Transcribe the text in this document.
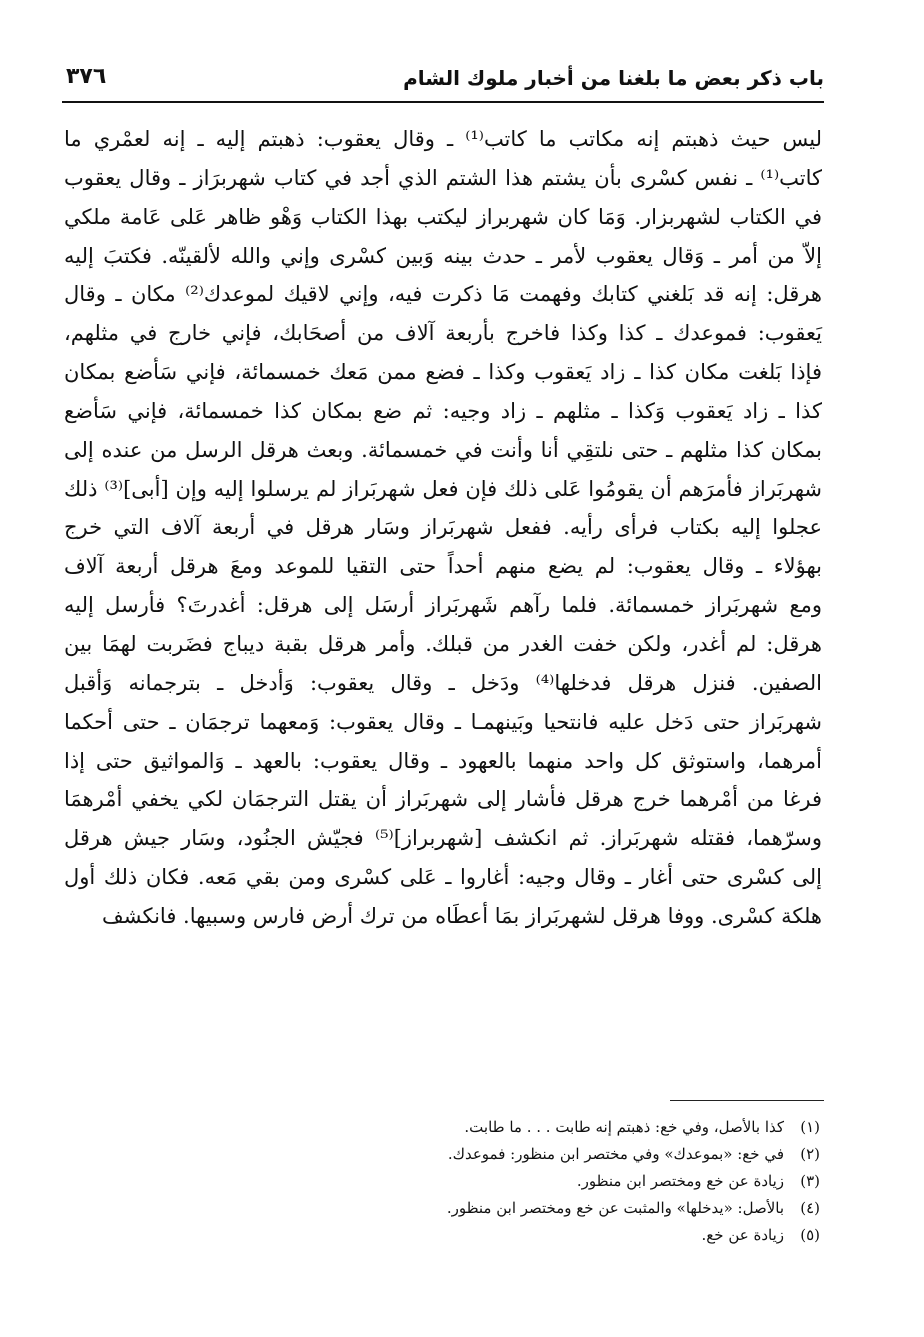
باب ذكر بعض ما بلغنا من أخبار ملوك الشام
٣٧٦
ليس حيث ذهبتم إنه مكاتب ما كاتب⁽¹⁾ ـ وقال يعقوب: ذهبتم إليه ـ إنه لعمْري ما
كاتب⁽¹⁾ ـ نفس كسْرى بأن يشتم هذا الشتم الذي أجد في كتاب شهربرَاز ـ وقال يعقوب
في الكتاب لشهربزار. وَمَا كان شهربراز ليكتب بهذا الكتاب وَهْو ظاهر عَلى عَامة ملكي
إلاّ من أمر ـ وَقال يعقوب لأمر ـ حدث بينه وَبين كسْرى وإني والله لألقينّه. فكتبَ إليه
هرقل: إنه قد بَلغني كتابك وفهمت مَا ذكرت فيه، وإني لاقيك لموعدك⁽²⁾ مكان ـ وقال
يَعقوب: فموعدك ـ كذا وكذا فاخرج بأربعة آلاف من أصحَابك، فإني خارج في مثلهم،
فإذا بَلغت مكان كذا ـ زاد يَعقوب وكذا ـ فضع ممن مَعك خمسمائة، فإني سَأضع بمكان
كذا ـ زاد يَعقوب وَكذا ـ مثلهم ـ زاد وجيه: ثم ضع بمكان كذا خمسمائة، فإني سَأضع
بمكان كذا مثلهم ـ حتى نلتقِي أنا وأنت في خمسمائة. وبعث هرقل الرسل من عنده إلى
شهربَراز فأمرَهم أن يقومُوا عَلى ذلك فإن فعل شهربَراز لم يرسلوا إليه وإن [أبى]⁽³⁾ ذلك
عجلوا إليه بكتاب فرأى رأيه. ففعل شهربَراز وسَار هرقل في أربعة آلاف التي خرج
بهؤلاء ـ وقال يعقوب: لم يضع منهم أحداً حتى التقيا للموعد ومعَ هرقل أربعة آلاف
ومع شهربَراز خمسمائة. فلما رآهم شَهربَراز أرسَل إلى هرقل: أغدرتَ؟ فأرسل إليه
هرقل: لم أغدر، ولكن خفت الغدر من قبلك. وأمر هرقل بقبة ديباج فضَربت لهمَا بين
الصفين. فنزل هرقل فدخلها⁽⁴⁾ ودَخل ـ وقال يعقوب: وَأدخل ـ بترجمانه وَأقبل
شهربَراز حتى دَخل عليه فانتحيا وبَينهمـا ـ وقال يعقوب: وَمعهما ترجمَان ـ حتى أحكما
أمرهما، واستوثق كل واحد منهما بالعهود ـ وقال يعقوب: بالعهد ـ وَالمواثيق حتى إذا
فرغا من أمْرهما خرج هرقل فأشار إلى شهربَراز أن يقتل الترجمَان لكي يخفي أمْرهمَا
وسرّهما، فقتله شهربَراز. ثم انكشف [شهربراز]⁽⁵⁾ فجيّش الجنُود، وسَار جيش هرقل
إلى كسْرى حتى أغار ـ وقال وجيه: أغاروا ـ عَلى كسْرى ومن بقي مَعه. فكان ذلك أول
هلكة كسْرى. ووفا هرقل لشهربَراز بمَا أعطَاه من ترك أرض فارس وسبيها. فانكشف
(١)كذا بالأصل، وفي خع: ذهبتم إنه طابت . . . ما طابت.
(٢)في خع: «بموعدك» وفي مختصر ابن منظور: فموعدك.
(٣)زيادة عن خع ومختصر ابن منظور.
(٤)بالأصل: «يدخلها» والمثبت عن خع ومختصر ابن منظور.
(٥)زيادة عن خع.
